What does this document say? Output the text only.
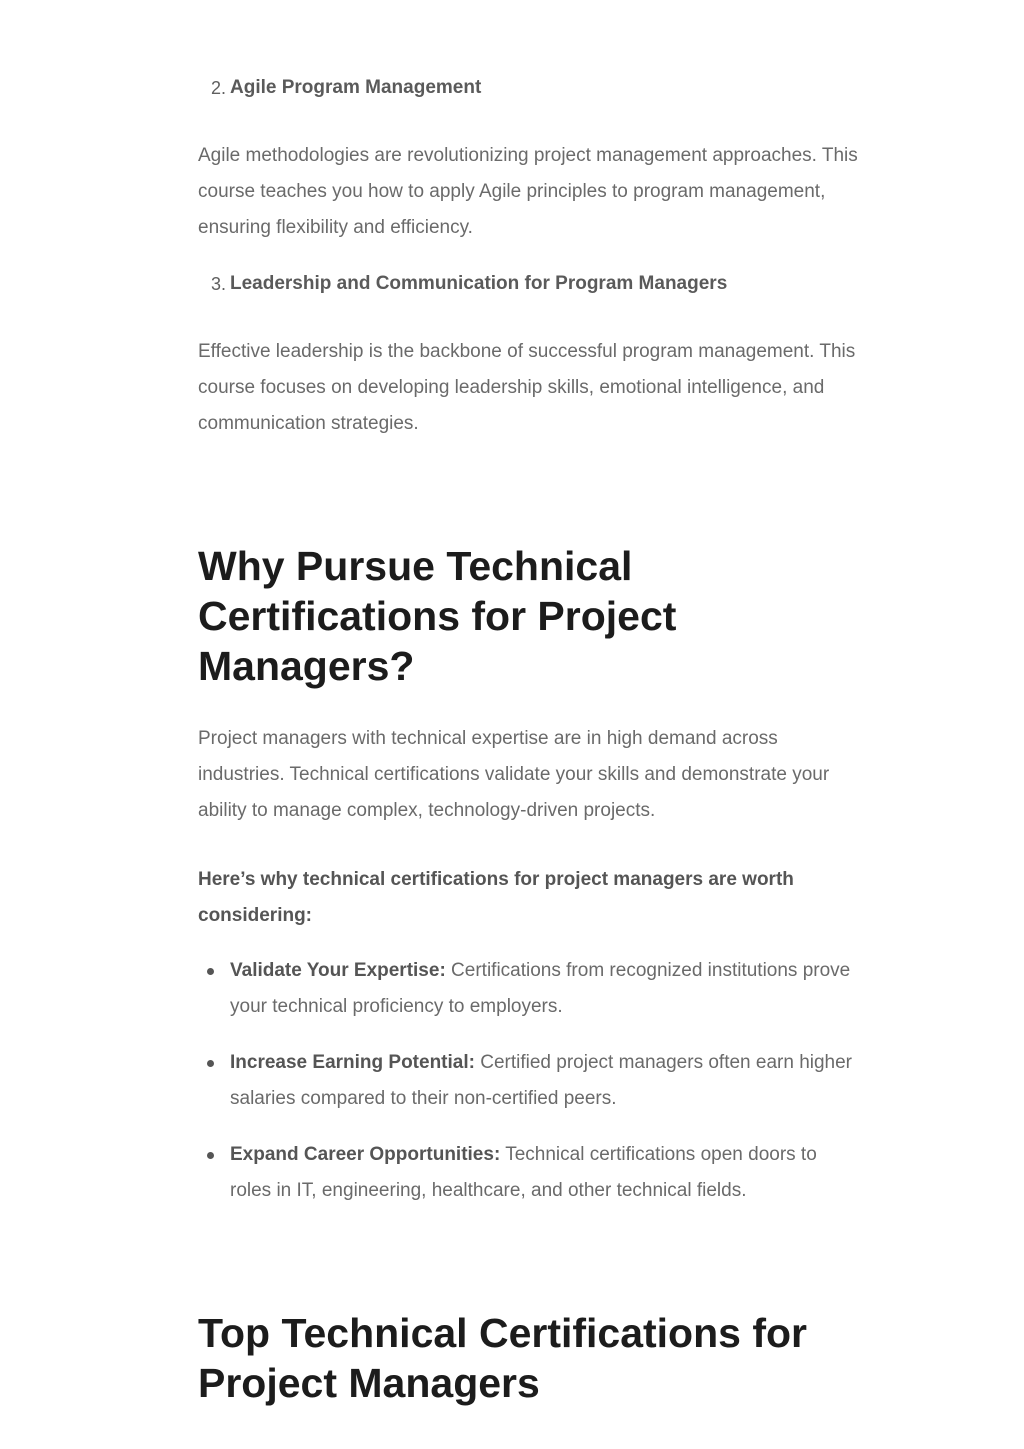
2. Agile Program Management

Agile methodologies are revolutionizing project management approaches. This course teaches you how to apply Agile principles to program management, ensuring flexibility and efficiency.

3. Leadership and Communication for Program Managers

Effective leadership is the backbone of successful program management. This course focuses on developing leadership skills, emotional intelligence, and communication strategies.

Why Pursue Technical Certifications for Project Managers?

Project managers with technical expertise are in high demand across industries. Technical certifications validate your skills and demonstrate your ability to manage complex, technology-driven projects.

Here’s why technical certifications for project managers are worth considering:

Validate Your Expertise: Certifications from recognized institutions prove your technical proficiency to employers.
Increase Earning Potential: Certified project managers often earn higher salaries compared to their non-certified peers.
Expand Career Opportunities: Technical certifications open doors to roles in IT, engineering, healthcare, and other technical fields.
Top Technical Certifications for Project Managers
